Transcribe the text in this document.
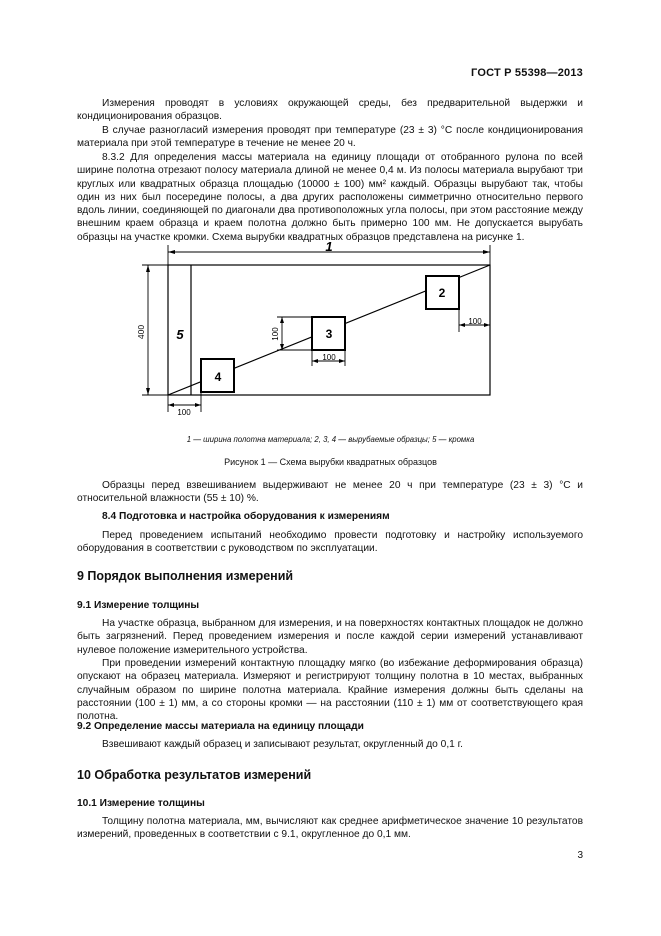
ГОСТ Р 55398—2013
Измерения проводят в условиях окружающей среды, без предварительной выдержки и кондиционирования образцов.
В случае разногласий измерения проводят при температуре (23 ± 3) °С после кондиционирования материала при этой температуре в течение не менее 20 ч.
8.3.2 Для определения массы материала на единицу площади от отобранного рулона по всей ширине полотна отрезают полосу материала длиной не менее 0,4 м. Из полосы материала вырубают три круглых или квадратных образца площадью (10000 ± 100) мм² каждый. Образцы вырубают так, чтобы один из них был посередине полосы, а два других расположены симметрично относительно первого вдоль линии, соединяющей по диагонали два противоположных угла полосы, при этом расстояние между внешним краем образца и краем полотна должно быть примерно 100 мм. Не допускается вырубать образцы на участке кромки. Схема вырубки квадратных образцов представлена на рисунке 1.
1
400 5
4
3
2
100
100
100
100
1 — ширина полотна материала; 2, 3, 4 — вырубаемые образцы; 5 — кромка
Рисунок 1 — Схема вырубки квадратных образцов
Образцы перед взвешиванием выдерживают не менее 20 ч при температуре (23 ± 3) °С и относительной влажности (55 ± 10) %.
8.4 Подготовка и настройка оборудования к измерениям
Перед проведением испытаний необходимо провести подготовку и настройку используемого оборудования в соответствии с руководством по эксплуатации.
9 Порядок выполнения измерений
9.1 Измерение толщины
На участке образца, выбранном для измерения, и на поверхностях контактных площадок не должно быть загрязнений. Перед проведением измерения и после каждой серии измерений устанавливают нулевое положение измерительного устройства.
При проведении измерений контактную площадку мягко (во избежание деформирования образца) опускают на образец материала. Измеряют и регистрируют толщину полотна в 10 местах, выбранных случайным образом по ширине полотна материала. Крайние измерения должны быть сделаны на расстоянии (100 ± 1) мм, а со стороны кромки — на расстоянии (110 ± 1) мм от соответствующего края полотна.
9.2 Определение массы материала на единицу площади
Взвешивают каждый образец и записывают результат, округленный до 0,1 г.
10 Обработка результатов измерений
10.1 Измерение толщины
Толщину полотна материала, мм, вычисляют как среднее арифметическое значение 10 результатов измерений, проведенных в соответствии с 9.1, округленное до 0,1 мм.
3
